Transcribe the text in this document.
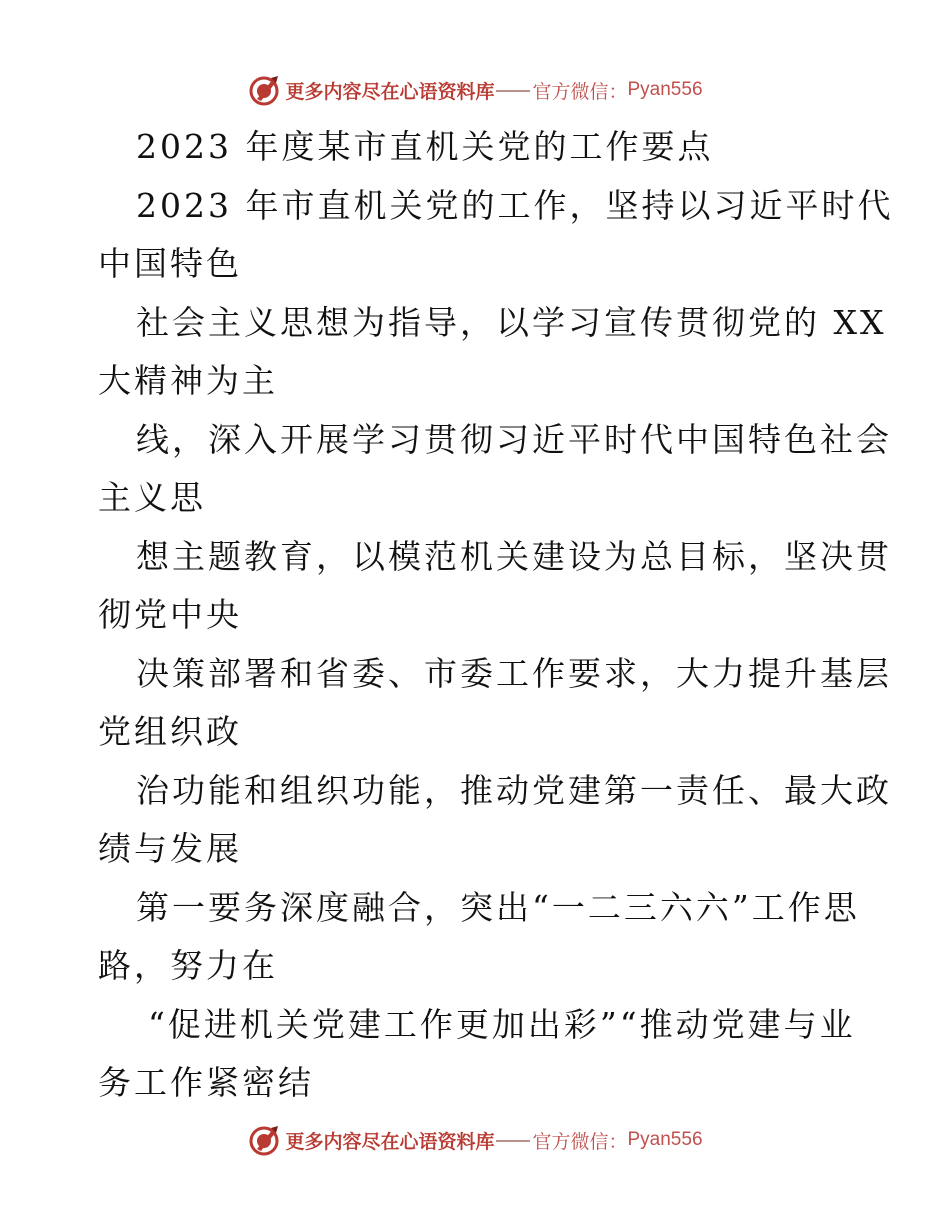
更多内容尽在心语资料库 官方微信： Pyan556
2023 年度某市直机关党的工作要点
2023 年市直机关党的工作，坚持以习近平时代
中国特色
社会主义思想为指导，以学习宣传贯彻党的 XX
大精神为主
线，深入开展学习贯彻习近平时代中国特色社会
主义思
想主题教育，以模范机关建设为总目标，坚决贯
彻党中央
决策部署和省委、市委工作要求，大力提升基层
党组织政
治功能和组织功能，推动党建第一责任、最大政
绩与发展
第一要务深度融合，突出“一二三六六”工作思
路，努力在
“促进机关党建工作更加出彩”“推动党建与业
务工作紧密结
更多内容尽在心语资料库 官方微信： Pyan556
